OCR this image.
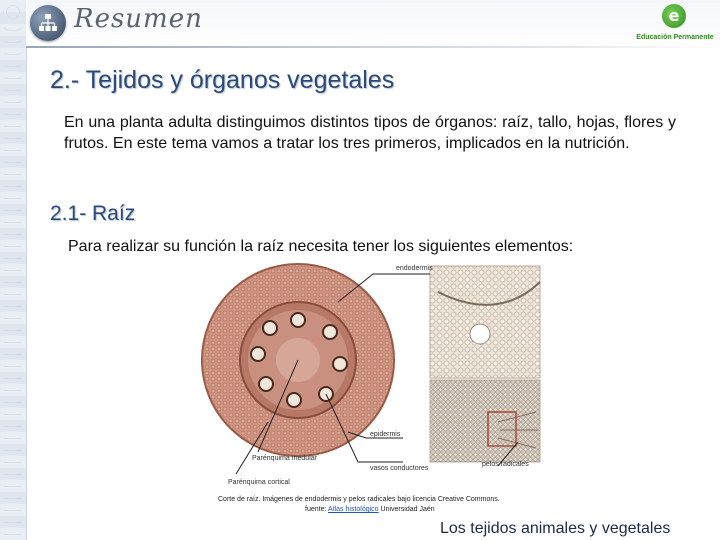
Resumen	e
Educación Permanente
2.- Tejidos y órganos vegetales

En una planta adulta distinguimos distintos tipos de órganos: raíz, tallo, hojas, flores y frutos. En este tema vamos a tratar los tres primeros, implicados en la nutrición.

2.1- Raíz

Para realizar su función la raíz necesita tener los siguientes elementos:

endodermis
epidermis
pelos radicales
vasos conductores
Parénquima medular
Parénquima cortical
Corte de raíz. Imágenes de endodermis y pelos radicales bajo licencia Creative Commons.
fuente: Atlas histológico Universidad Jaén
Los tejidos animales y vegetales
